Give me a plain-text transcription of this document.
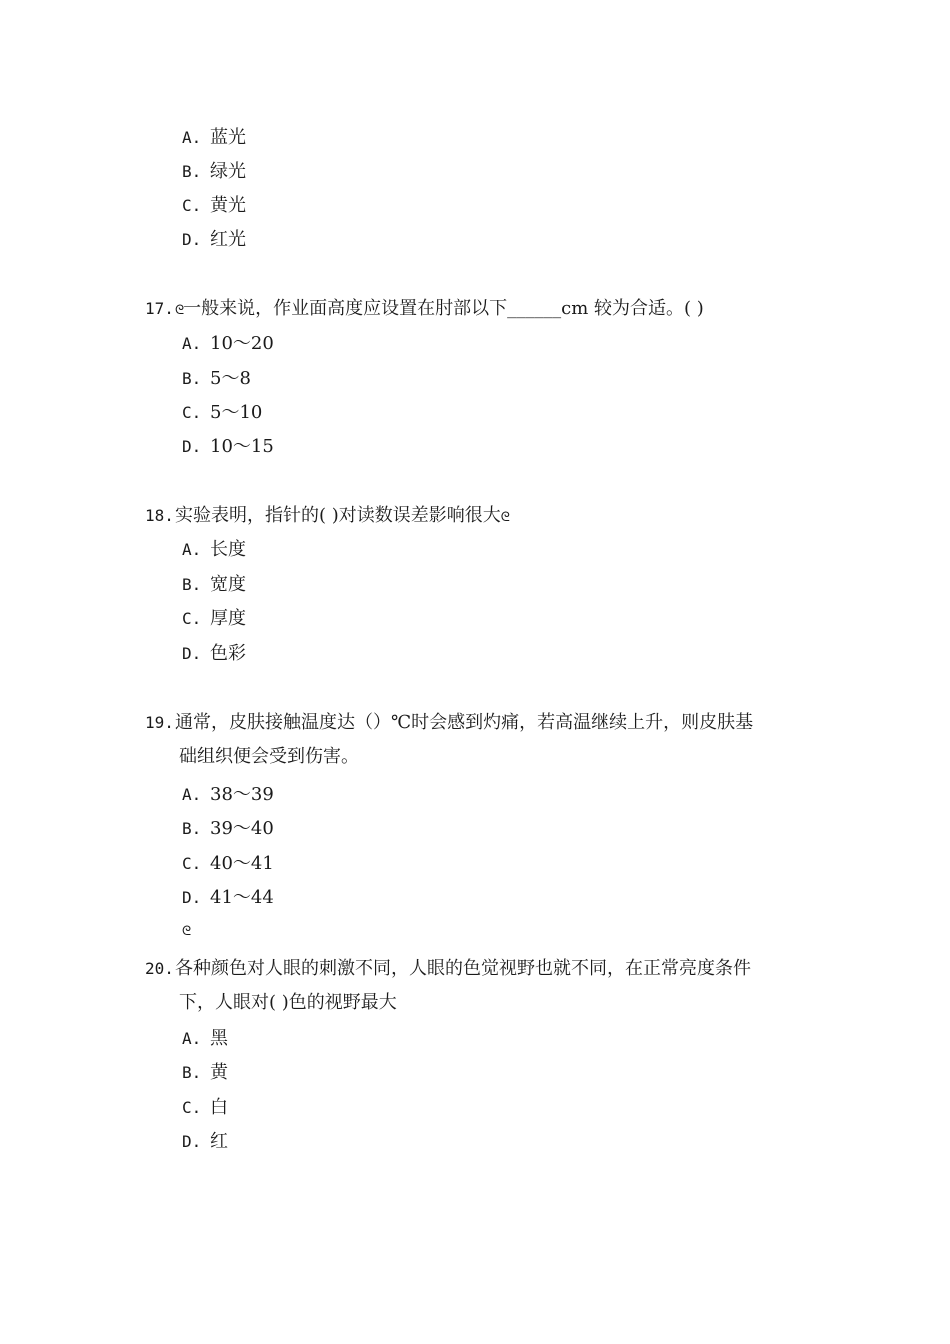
A. 蓝光
B. 绿光
C. 黄光
D. 红光
17.ᘓ一般来说，作业面高度应设置在肘部以下______cm 较为合适。( )
A. 10～20
B. 5～8
C. 5～10
D. 10～15
18.实验表明，指针的( )对读数误差影响很大ᘓ
A. 长度
B. 宽度
C. 厚度
D. 色彩
19.通常，皮肤接触温度达（）℃时会感到灼痛，若高温继续上升，则皮肤基
础组织便会受到伤害。
A. 38～39
B. 39～40
C. 40～41
D. 41～44
ᘓ
20.各种颜色对人眼的刺激不同，人眼的色觉视野也就不同，在正常亮度条件
下，人眼对( )色的视野最大
A. 黑
B. 黄
C. 白
D. 红
